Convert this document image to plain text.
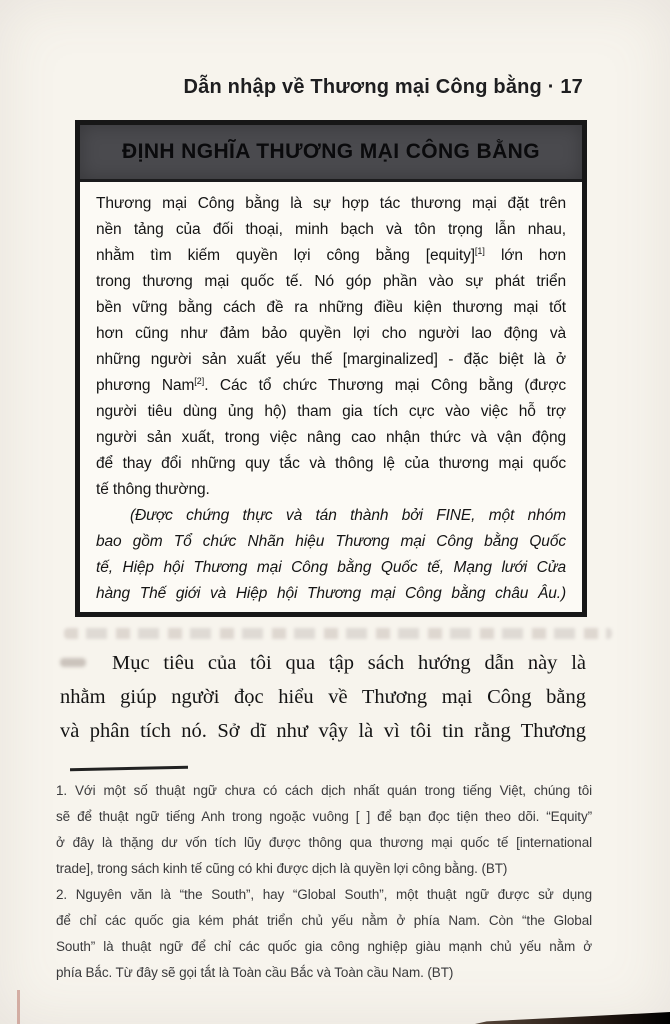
Dẫn nhập về Thương mại Công bằng · 17
ĐỊNH NGHĨA THƯƠNG MẠI CÔNG BẰNG
Thương mại Công bằng là sự hợp tác thương mại đặt trên
nền tảng của đối thoại, minh bạch và tôn trọng lẫn nhau,
nhằm tìm kiếm quyền lợi công bằng [equity][1] lớn hơn
trong thương mại quốc tế. Nó góp phần vào sự phát triển
bền vững bằng cách đề ra những điều kiện thương mại tốt
hơn cũng như đảm bảo quyền lợi cho người lao động và
những người sản xuất yếu thế [marginalized] - đặc biệt là ở
phương Nam[2]. Các tổ chức Thương mại Công bằng (được
người tiêu dùng ủng hộ) tham gia tích cực vào việc hỗ trợ
người sản xuất, trong việc nâng cao nhận thức và vận động
để thay đổi những quy tắc và thông lệ của thương mại quốc
tế thông thường.
(Được chứng thực và tán thành bởi FINE, một nhóm
bao gồm Tổ chức Nhãn hiệu Thương mại Công bằng Quốc
tế, Hiệp hội Thương mại Công bằng Quốc tế, Mạng lưới Cửa
hàng Thế giới và Hiệp hội Thương mại Công bằng châu Âu.)
Mục tiêu của tôi qua tập sách hướng dẫn này là
nhằm giúp người đọc hiểu về Thương mại Công bằng
và phân tích nó. Sở dĩ như vậy là vì tôi tin rằng Thương
1. Với một số thuật ngữ chưa có cách dịch nhất quán trong tiếng Việt, chúng tôi
sẽ để thuật ngữ tiếng Anh trong ngoặc vuông [ ] để bạn đọc tiện theo dõi. “Equity”
ở đây là thặng dư vốn tích lũy được thông qua thương mại quốc tế [international
trade], trong sách kinh tế cũng có khi được dịch là quyền lợi công bằng. (BT)
2. Nguyên văn là “the South”, hay “Global South”, một thuật ngữ được sử dụng
để chỉ các quốc gia kém phát triển chủ yếu nằm ở phía Nam. Còn “the Global
South” là thuật ngữ để chỉ các quốc gia công nghiệp giàu mạnh chủ yếu nằm ở
phía Bắc. Từ đây sẽ gọi tắt là Toàn cầu Bắc và Toàn cầu Nam. (BT)
